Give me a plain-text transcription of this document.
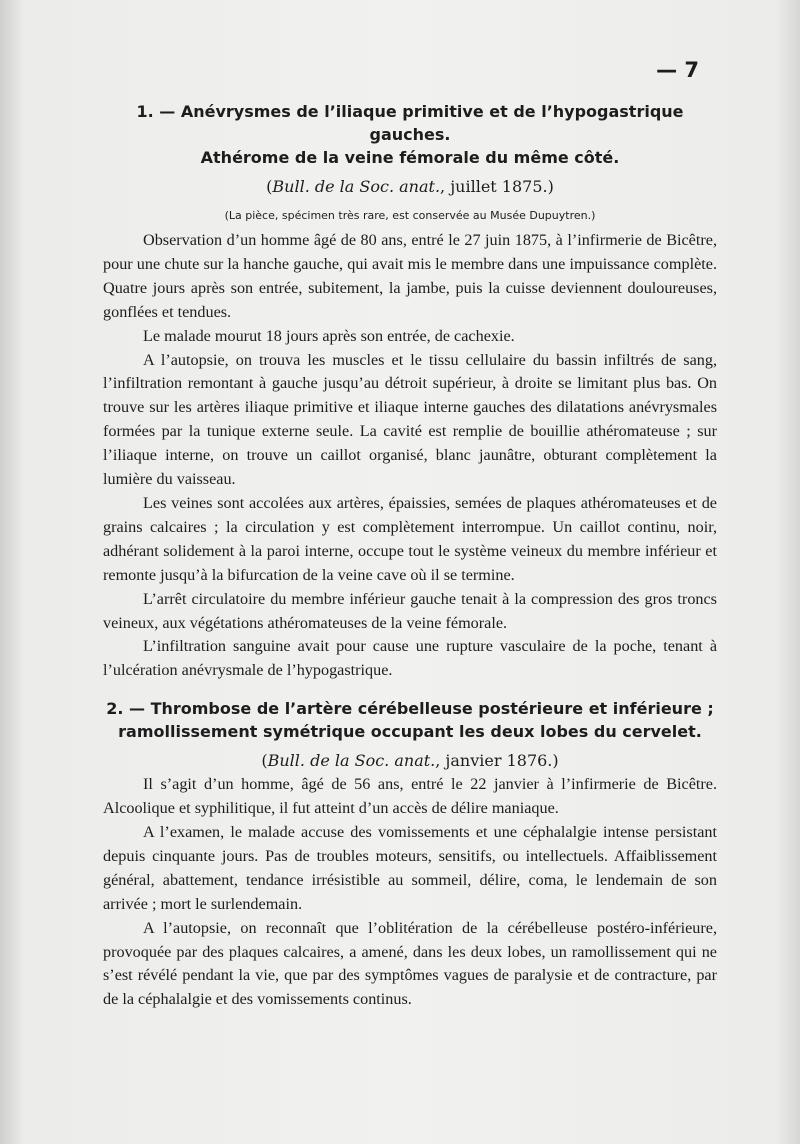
— 7

1. — Anévrysmes de l’iliaque primitive et de l’hypogastrique gauches.

Athérome de la veine fémorale du même côté.

(Bull. de la Soc. anat., juillet 1875.)
(La pièce, spécimen très rare, est conservée au Musée Dupuytren.)

Observation d’un homme âgé de 80 ans, entré le 27 juin 1875, à l’infirmerie de Bicêtre, pour une chute sur la hanche gauche, qui avait mis le membre dans une impuissance complète. Quatre jours après son entrée, subitement, la jambe, puis la cuisse deviennent douloureuses, gonflées et tendues.

Le malade mourut 18 jours après son entrée, de cachexie.

A l’autopsie, on trouva les muscles et le tissu cellulaire du bassin infiltrés de sang, l’infiltration remontant à gauche jusqu’au détroit supérieur, à droite se limitant plus bas. On trouve sur les artères iliaque primitive et iliaque interne gauches des dilatations anévrysmales formées par la tunique externe seule. La cavité est remplie de bouillie athéromateuse ; sur l’iliaque interne, on trouve un caillot organisé, blanc jaunâtre, obturant complètement la lumière du vaisseau.

Les veines sont accolées aux artères, épaissies, semées de plaques athéromateuses et de grains calcaires ; la circulation y est complètement interrompue. Un caillot continu, noir, adhérant solidement à la paroi interne, occupe tout le système veineux du membre inférieur et remonte jusqu’à la bifurcation de la veine cave où il se termine.

L’arrêt circulatoire du membre inférieur gauche tenait à la compression des gros troncs veineux, aux végétations athéromateuses de la veine fémorale.

L’infiltration sanguine avait pour cause une rupture vasculaire de la poche, tenant à l’ulcération anévrysmale de l’hypogastrique.

2. — Thrombose de l’artère cérébelleuse postérieure et inférieure ;

ramollissement symétrique occupant les deux lobes du cervelet.

(Bull. de la Soc. anat., janvier 1876.)

Il s’agit d’un homme, âgé de 56 ans, entré le 22 janvier à l’infirmerie de Bicêtre. Alcoolique et syphilitique, il fut atteint d’un accès de délire maniaque.

A l’examen, le malade accuse des vomissements et une céphalalgie intense persistant depuis cinquante jours. Pas de troubles moteurs, sensitifs, ou intellectuels. Affaiblissement général, abattement, tendance irrésistible au sommeil, délire, coma, le lendemain de son arrivée ; mort le surlendemain.

A l’autopsie, on reconnaît que l’oblitération de la cérébelleuse postéro-inférieure, provoquée par des plaques calcaires, a amené, dans les deux lobes, un ramollissement qui ne s’est révélé pendant la vie, que par des symptômes vagues de paralysie et de contracture, par de la céphalalgie et des vomissements continus.
